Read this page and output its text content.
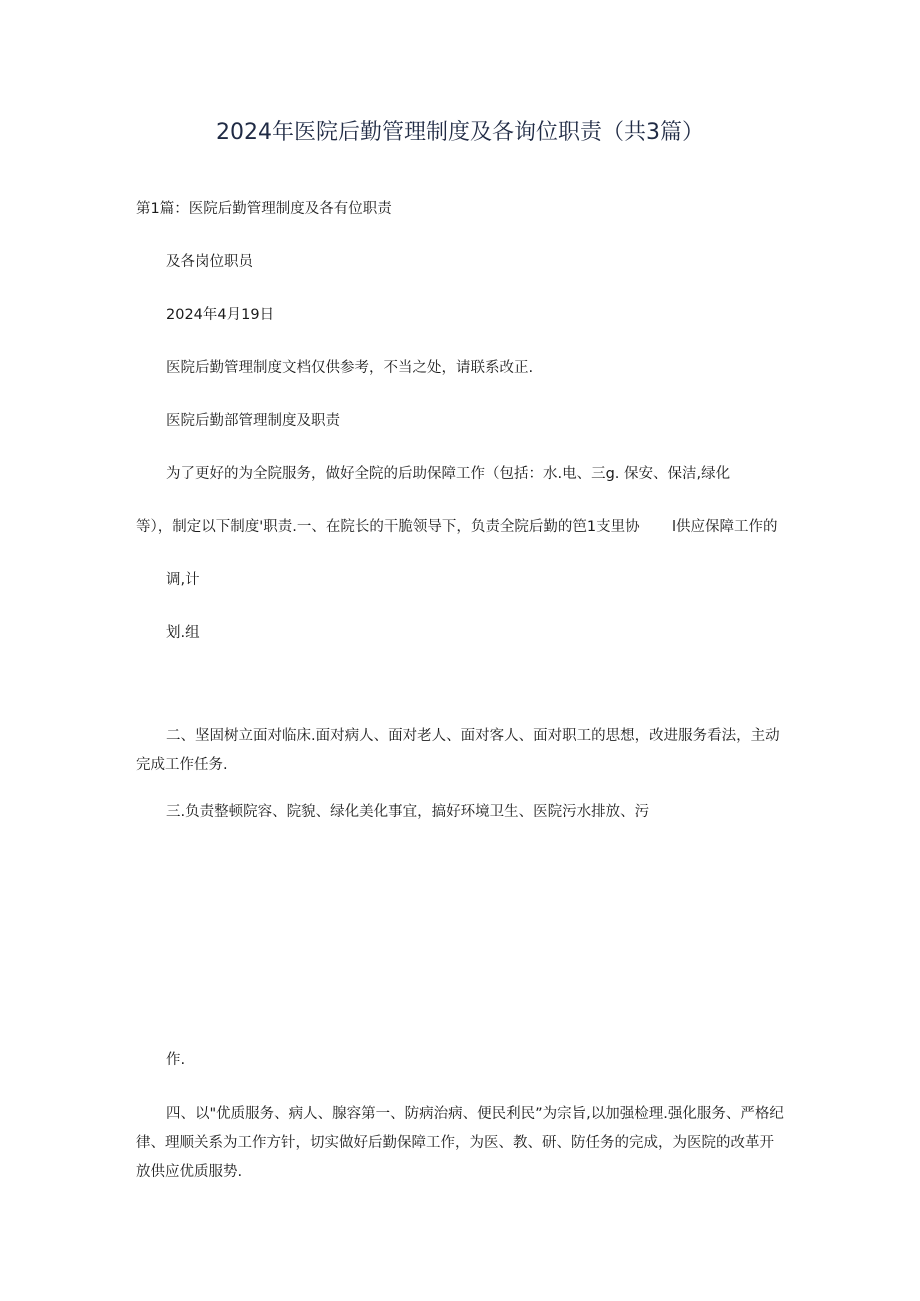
2024年医院后勤管理制度及各询位职责（共3篇）
第1篇：医院后勤管理制度及各有位职责
及各岗位职员
2024年4月19日
医院后勤管理制度文档仅供参考，不当之处，请联系改正.
医院后勤部管理制度及职责
为了更好的为全院服务，做好全院的后助保障工作（包括：水.电、三g. 保安、保洁,绿化
等），制定以下制度'职责.一、在院长的干脆领导下，负责全院后勤的笆1支里协 l供应保障工作的
调,计
划.组
二、坚固树立面对临床.面对病人、面对老人、面对客人、面对职工的思想，改进服务看法，主动完成工作任务.
三.负责整顿院容、院貌、绿化美化事宜，搞好环境卫生、医院污水排放、污
作.
四、以"优质服务、病人、腺容第一、防病治病、便民利民”为宗旨,以加强检理.强化服务、严格纪律、理顺关系为工作方针，切实做好后勤保障工作，为医、教、研、防任务的完成，为医院的改革开放供应优质服势.
